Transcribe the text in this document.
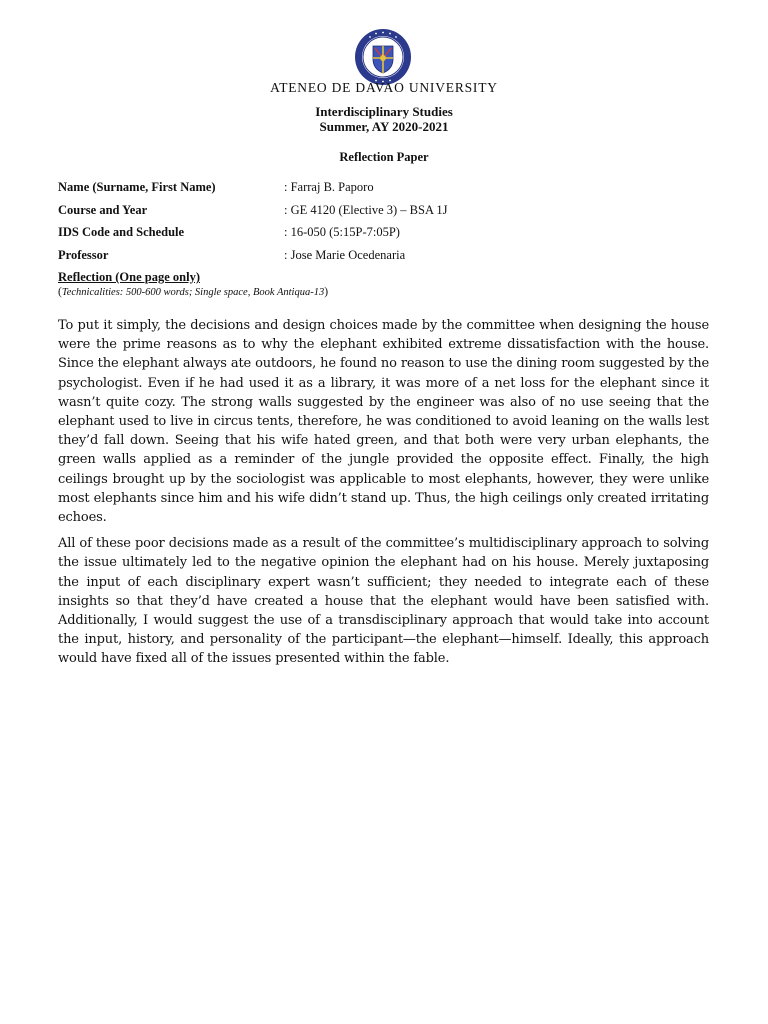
ATENEO DE DAVAO UNIVERSITY
Interdisciplinary Studies
Summer, AY 2020-2021
Reflection Paper
Name (Surname, First Name)	: Farraj B. Paporo
Course and Year	: GE 4120 (Elective 3) – BSA 1J
IDS Code and Schedule	: 16-050 (5:15P-7:05P)
Professor	: Jose Marie Ocedenaria
Reflection (One page only)
(Technicalities: 500-600 words; Single space, Book Antiqua-13)

To put it simply, the decisions and design choices made by the committee when designing the house were the prime reasons as to why the elephant exhibited extreme dissatisfaction with the house. Since the elephant always ate outdoors, he found no reason to use the dining room suggested by the psychologist. Even if he had used it as a library, it was more of a net loss for the elephant since it wasn’t quite cozy. The strong walls suggested by the engineer was also of no use seeing that the elephant used to live in circus tents, therefore, he was conditioned to avoid leaning on the walls lest they’d fall down. Seeing that his wife hated green, and that both were very urban elephants, the green walls applied as a reminder of the jungle provided the opposite effect. Finally, the high ceilings brought up by the sociologist was applicable to most elephants, however, they were unlike most elephants since him and his wife didn’t stand up. Thus, the high ceilings only created irritating echoes.

All of these poor decisions made as a result of the committee’s multidisciplinary approach to solving the issue ultimately led to the negative opinion the elephant had on his house. Merely juxtaposing the input of each disciplinary expert wasn’t sufficient; they needed to integrate each of these insights so that they’d have created a house that the elephant would have been satisfied with. Additionally, I would suggest the use of a transdisciplinary approach that would take into account the input, history, and personality of the participant—the elephant—himself. Ideally, this approach would have fixed all of the issues presented within the fable.
